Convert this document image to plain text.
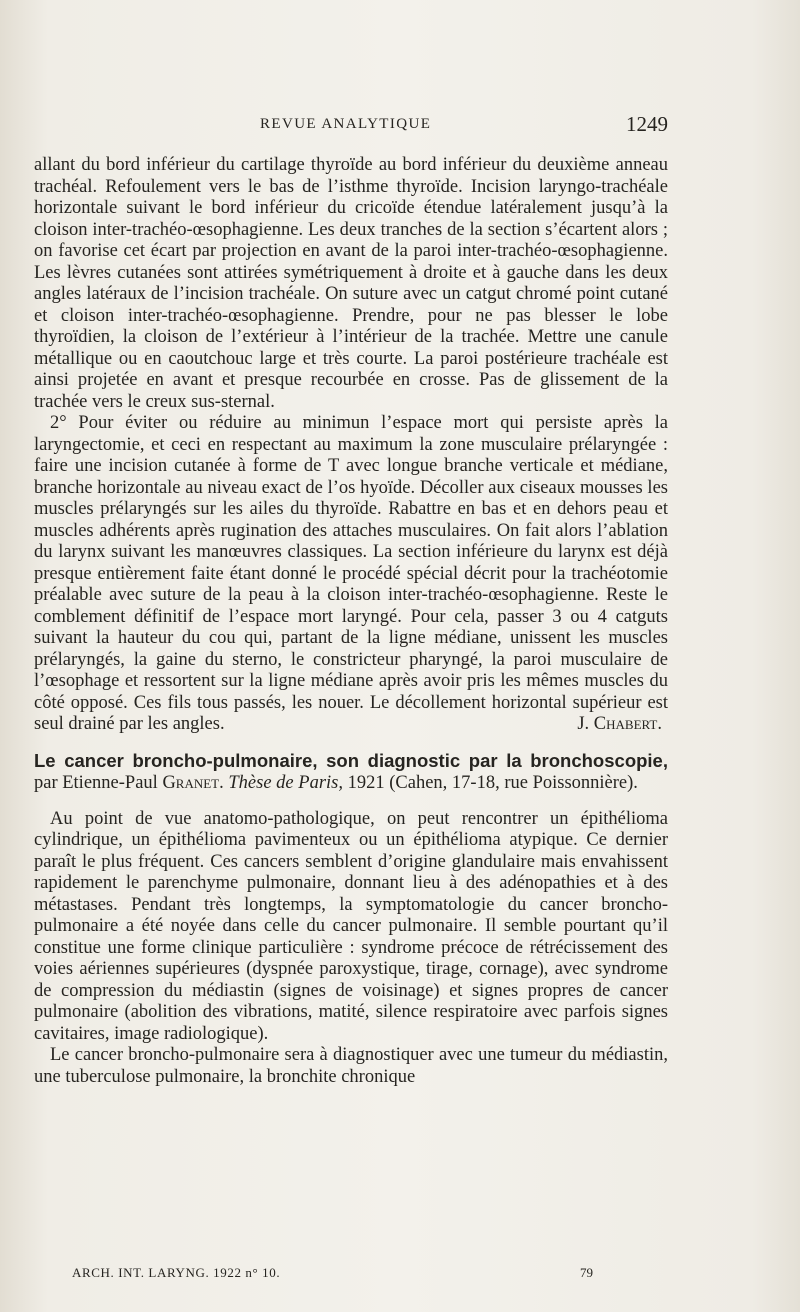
REVUE ANALYTIQUE	1249

allant du bord inférieur du cartilage thyroïde au bord inférieur du deuxième anneau trachéal. Refoulement vers le bas de l’isthme thyroïde. Incision laryngo-trachéale horizontale suivant le bord inférieur du cricoïde étendue latéralement jusqu’à la cloison inter-trachéo-œsophagienne. Les deux tranches de la section s’écartent alors ; on favorise cet écart par projection en avant de la paroi inter-trachéo-œsophagienne. Les lèvres cutanées sont attirées symétriquement à droite et à gauche dans les deux angles latéraux de l’incision trachéale. On suture avec un catgut chromé point cutané et cloison inter-trachéo-œsophagienne. Prendre, pour ne pas blesser le lobe thyroïdien, la cloison de l’extérieur à l’intérieur de la trachée. Mettre une canule métallique ou en caoutchouc large et très courte. La paroi postérieure trachéale est ainsi projetée en avant et presque recourbée en crosse. Pas de glissement de la trachée vers le creux sus-sternal.

2° Pour éviter ou réduire au minimun l’espace mort qui persiste après la laryngectomie, et ceci en respectant au maximum la zone musculaire prélaryngée : faire une incision cutanée à forme de T avec longue branche verticale et médiane, branche horizontale au niveau exact de l’os hyoïde. Décoller aux ciseaux mousses les muscles prélaryngés sur les ailes du thyroïde. Rabattre en bas et en dehors peau et muscles adhérents après rugination des attaches musculaires. On fait alors l’ablation du larynx suivant les manœuvres classiques. La section inférieure du larynx est déjà presque entièrement faite étant donné le procédé spécial décrit pour la trachéotomie préalable avec suture de la peau à la cloison inter-trachéo-œsophagienne. Reste le comblement définitif de l’espace mort laryngé. Pour cela, passer 3 ou 4 catguts suivant la hauteur du cou qui, partant de la ligne médiane, unissent les muscles prélaryngés, la gaine du sterno, le constricteur pharyngé, la paroi musculaire de l’œsophage et ressortent sur la ligne médiane après avoir pris les mêmes muscles du côté opposé. Ces fils tous passés, les nouer. Le décollement horizontal supérieur est seul drainé par les angles.	J. Chabert.

Le cancer broncho-pulmonaire, son diagnostic par la bronchoscopie, par Etienne-Paul Granet. Thèse de Paris, 1921 (Cahen, 17-18, rue Poissonnière).

Au point de vue anatomo-pathologique, on peut rencontrer un épithélioma cylindrique, un épithélioma pavimenteux ou un épithélioma atypique. Ce dernier paraît le plus fréquent. Ces cancers semblent d’origine glandulaire mais envahissent rapidement le parenchyme pulmonaire, donnant lieu à des adénopathies et à des métastases. Pendant très longtemps, la symptomatologie du cancer broncho-pulmonaire a été noyée dans celle du cancer pulmonaire. Il semble pourtant qu’il constitue une forme clinique particulière : syndrome précoce de rétrécissement des voies aériennes supérieures (dyspnée paroxystique, tirage, cornage), avec syndrome de compression du médiastin (signes de voisinage) et signes propres de cancer pulmonaire (abolition des vibrations, matité, silence respiratoire avec parfois signes cavitaires, image radiologique).

Le cancer broncho-pulmonaire sera à diagnostiquer avec une tumeur du médiastin, une tuberculose pulmonaire, la bronchite chronique

ARCH. INT. LARYNG. 1922 n° 10.	79
